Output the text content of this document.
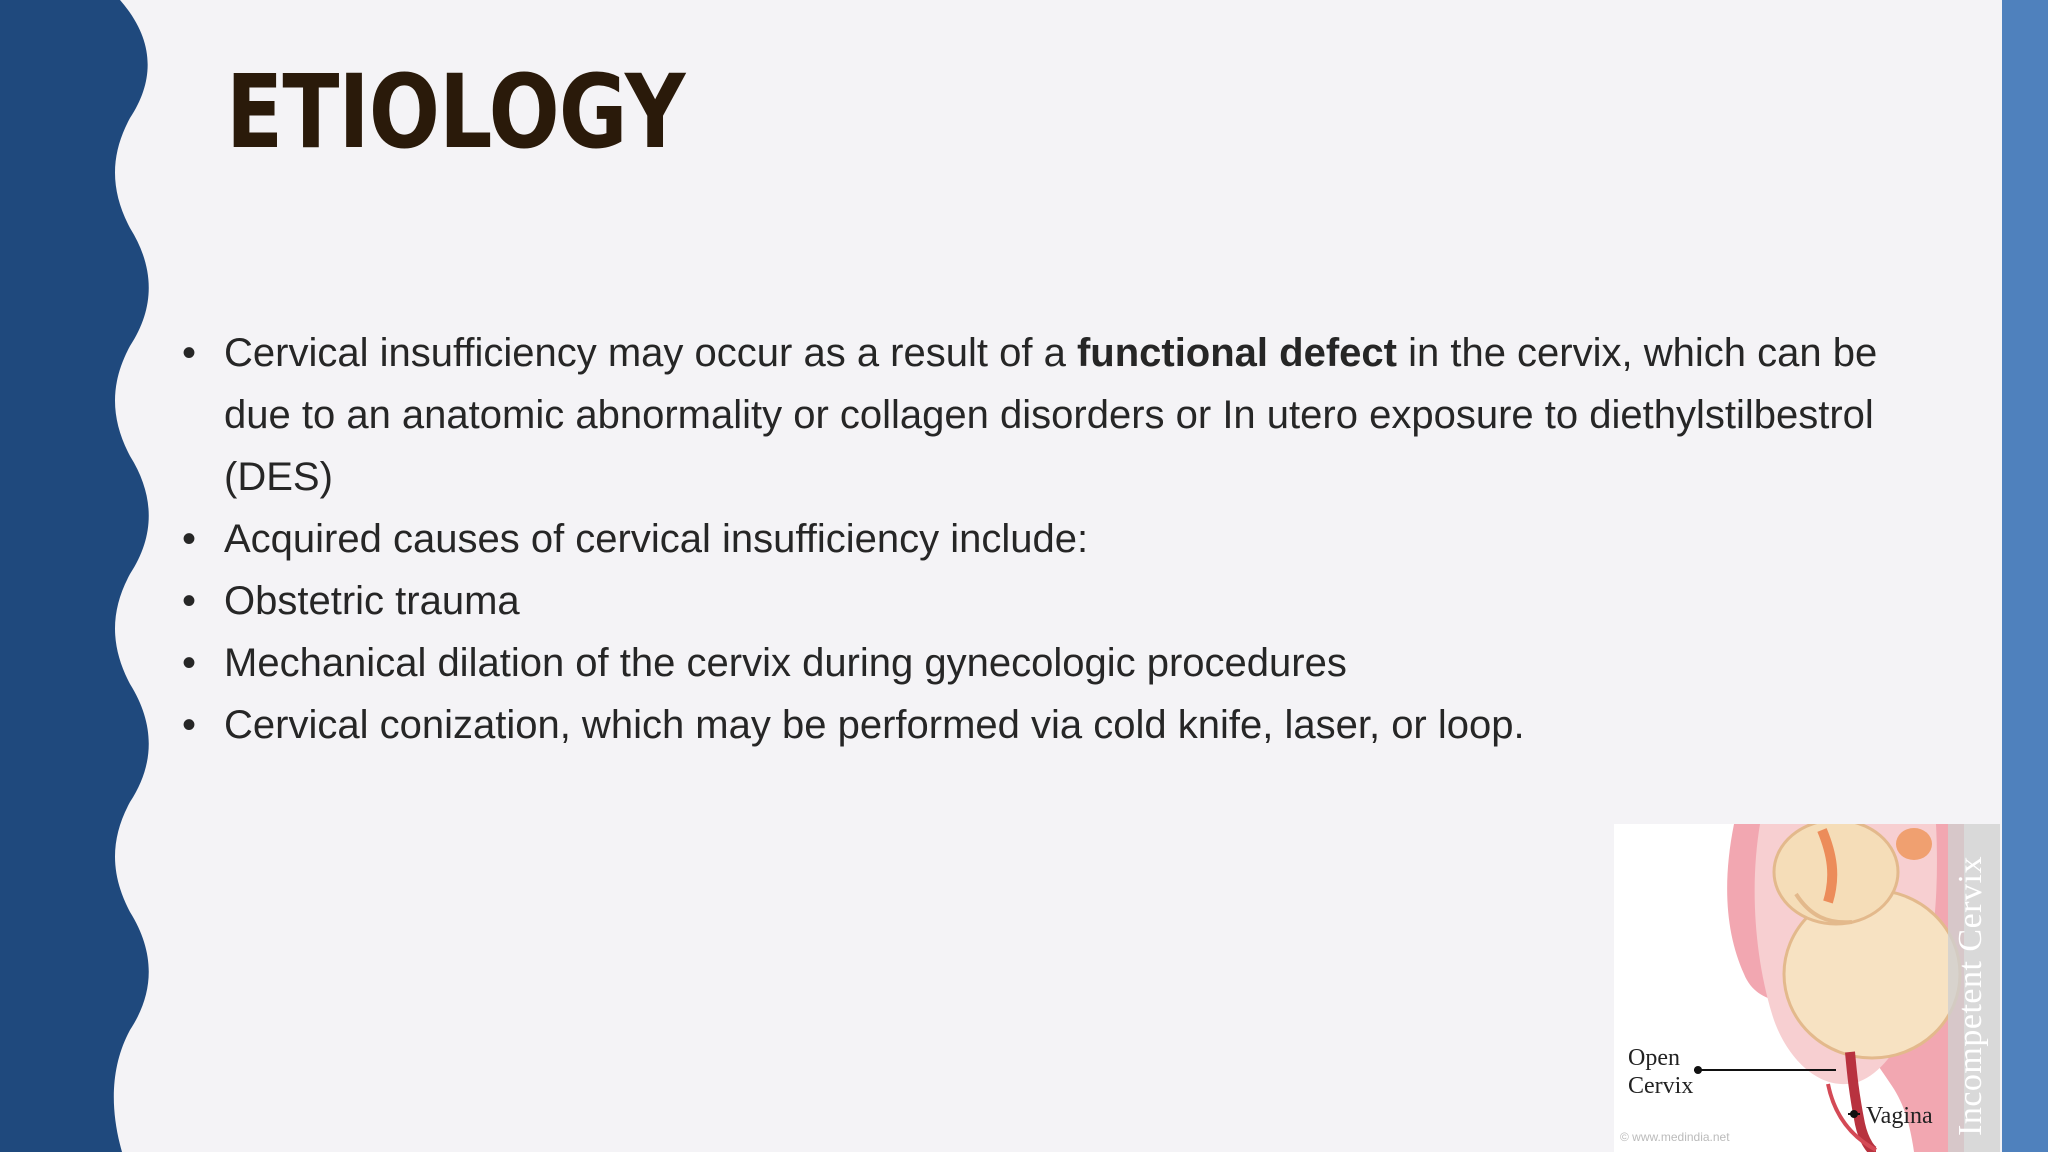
ETIOLOGY
• Cervical insufficiency may occur as a result of a functional defect in the cervix, which can be due to an anatomic abnormality or collagen disorders or In utero exposure to diethylstilbestrol (DES)
• Acquired causes of cervical insufficiency include:
• Obstetric trauma
• Mechanical dilation of the cervix during gynecologic procedures
• Cervical conization, which may be performed via cold knife, laser, or loop.
Open Cervix
Vagina Incompetent Cervix
© www.medindia.net
